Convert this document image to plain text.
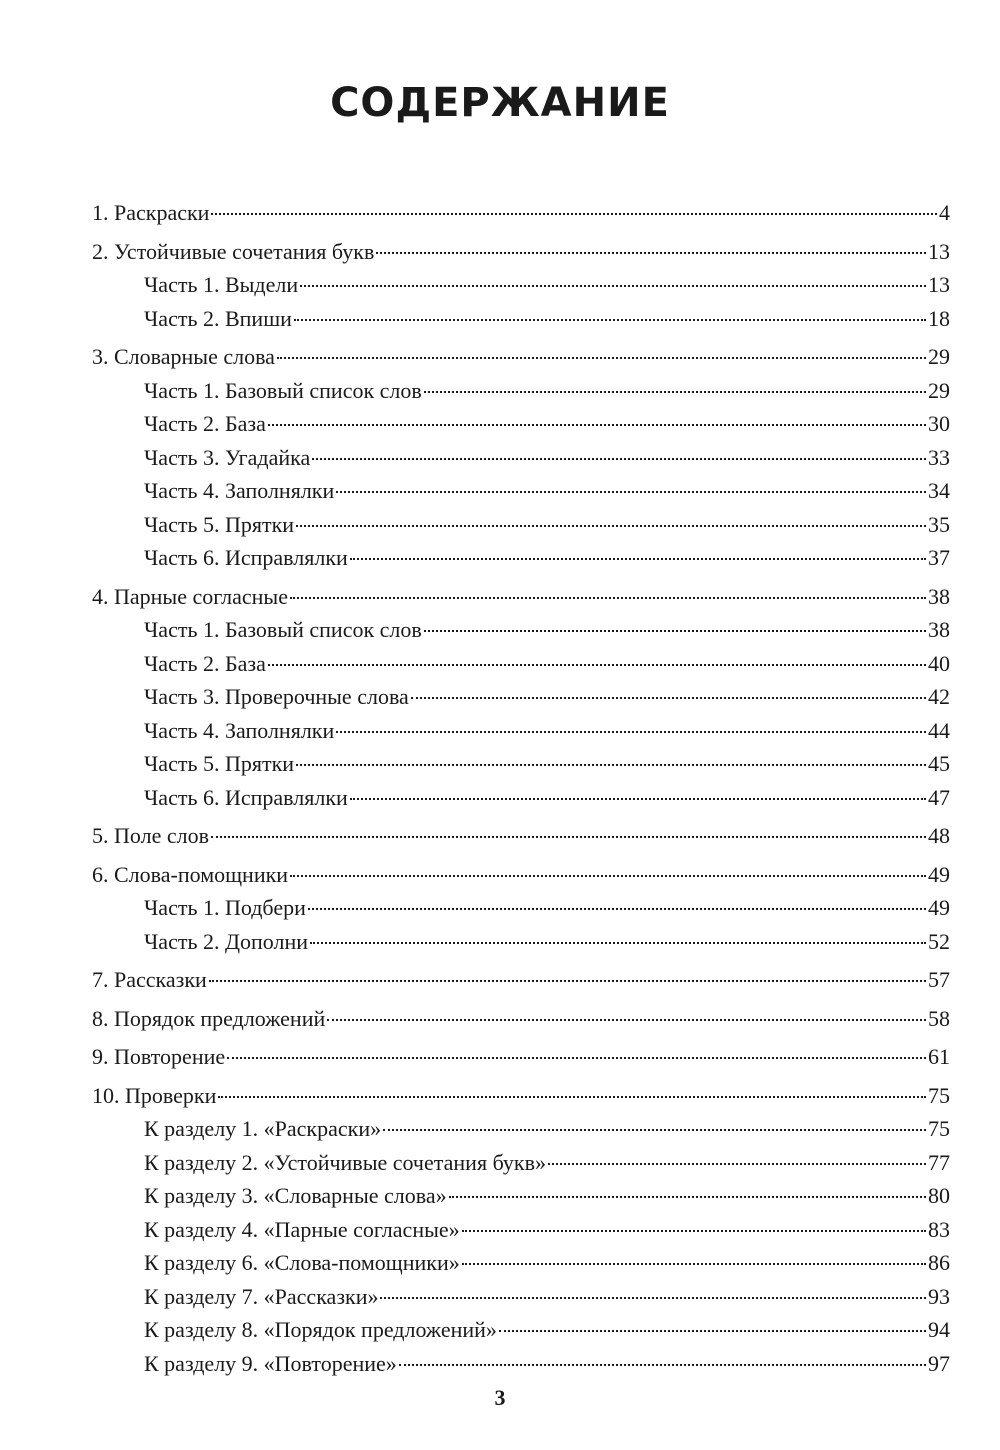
СОДЕРЖАНИЕ
1. Раскраски	4
2. Устойчивые сочетания букв	13
Часть 1. Выдели	13
Часть 2. Впиши	18
3. Словарные слова	29
Часть 1. Базовый список слов	29
Часть 2. База	30
Часть 3. Угадайка	33
Часть 4. Заполнялки	34
Часть 5. Прятки	35
Часть 6. Исправлялки	37
4. Парные согласные	38
Часть 1. Базовый список слов	38
Часть 2. База	40
Часть 3. Проверочные слова	42
Часть 4. Заполнялки	44
Часть 5. Прятки	45
Часть 6. Исправлялки	47
5. Поле слов	48
6. Слова-помощники	49
Часть 1. Подбери	49
Часть 2. Дополни	52
7. Рассказки	57
8. Порядок предложений	58
9. Повторение	61
10. Проверки	75
К разделу 1. «Раскраски»	75
К разделу 2. «Устойчивые сочетания букв»	77
К разделу 3. «Словарные слова»	80
К разделу 4. «Парные согласные»	83
К разделу 6. «Слова-помощники»	86
К разделу 7. «Рассказки»	93
К разделу 8. «Порядок предложений»	94
К разделу 9. «Повторение»	97
3
